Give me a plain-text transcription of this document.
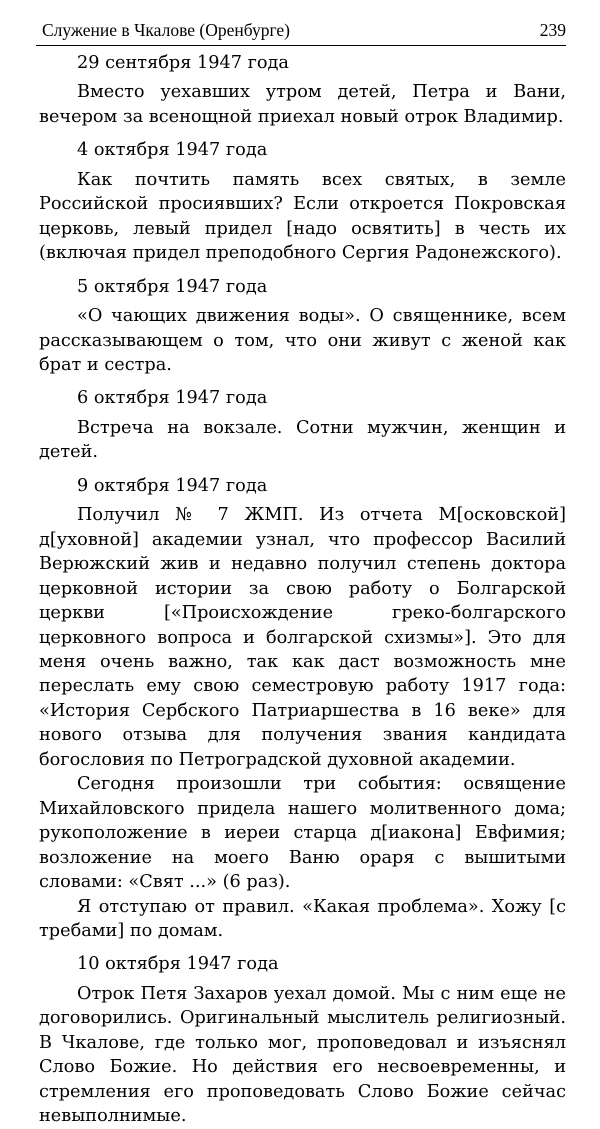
Служение в Чкалове (Оренбурге)	239

29 сентября 1947 года

Вместо уехавших утром детей, Петра и Вани, вечером за всенощной приехал новый отрок Владимир.

4 октября 1947 года

Как почтить память всех святых, в земле Российской просиявших? Если откроется Покровская церковь, левый придел [надо освятить] в честь их (включая придел преподобного Сергия Радонежского).

5 октября 1947 года

«О чающих движения воды». О священнике, всем рассказывающем о том, что они живут с женой как брат и сестра.

6 октября 1947 года

Встреча на вокзале. Сотни мужчин, женщин и детей.

9 октября 1947 года

Получил № 7 ЖМП. Из отчета М[осковской] д[уховной] академии узнал, что профессор Василий Верюжский жив и недавно получил степень доктора церковной истории за свою работу о Болгарской церкви [«Происхождение греко-болгарского церковного вопроса и болгарской схизмы»]. Это для меня очень важно, так как даст возможность мне переслать ему свою семестровую работу 1917 года: «История Сербского Патриаршества в 16 веке» для нового отзыва для получения звания кандидата богословия по Петроградской духовной академии.

Сегодня произошли три события: освящение Михайловского придела нашего молитвенного дома; рукоположение в иереи старца д[иакона] Евфимия; возложение на моего Ваню ораря с вышитыми словами: «Свят ...» (6 раз).

Я отступаю от правил. «Какая проблема». Хожу [с требами] по домам.

10 октября 1947 года

Отрок Петя Захаров уехал домой. Мы с ним еще не договорились. Оригинальный мыслитель религиозный. В Чкалове, где только мог, проповедовал и изъяснял Слово Божие. Но действия его несвоевременны, и стремления его проповедовать Слово Божие сейчас невыполнимые.
